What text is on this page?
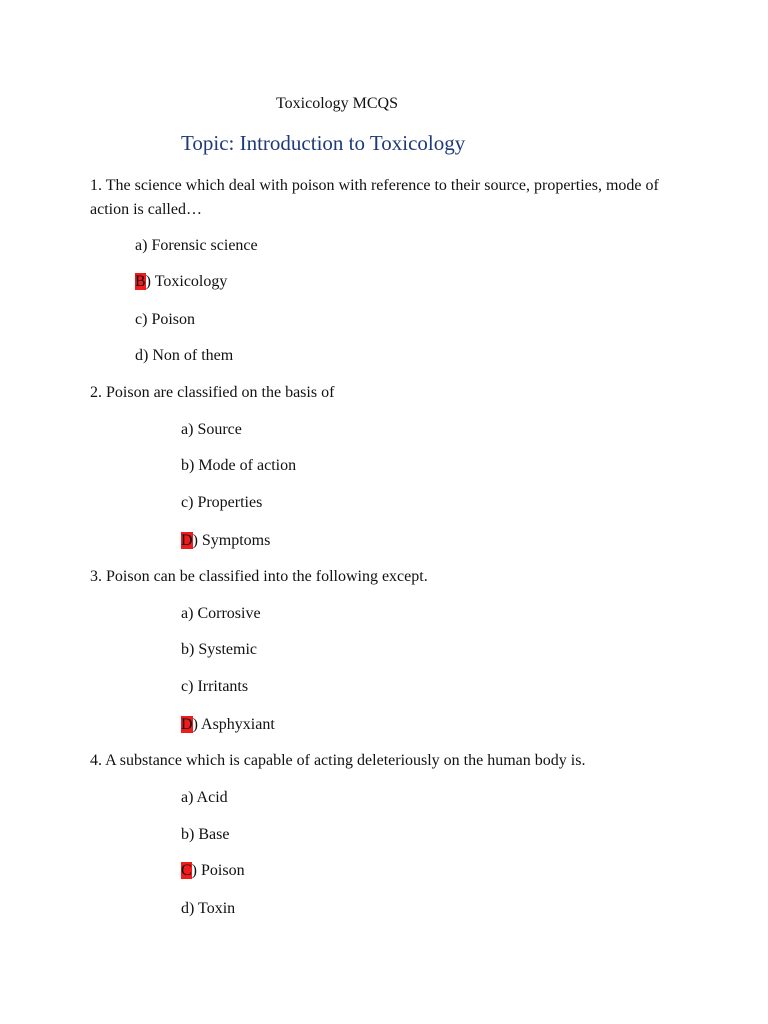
Toxicology MCQS
Topic: Introduction to Toxicology
1. The science which deal with poison with reference to their source, properties, mode of action is called…
a) Forensic science
B) Toxicology
c) Poison
d) Non of them
2. Poison are classified on the basis of
a) Source
b) Mode of action
c) Properties
D) Symptoms
3. Poison can be classified into the following except.
a) Corrosive
b) Systemic
c) Irritants
D) Asphyxiant
4. A substance which is capable of acting deleteriously on the human body is.
a) Acid
b) Base
C) Poison
d) Toxin
